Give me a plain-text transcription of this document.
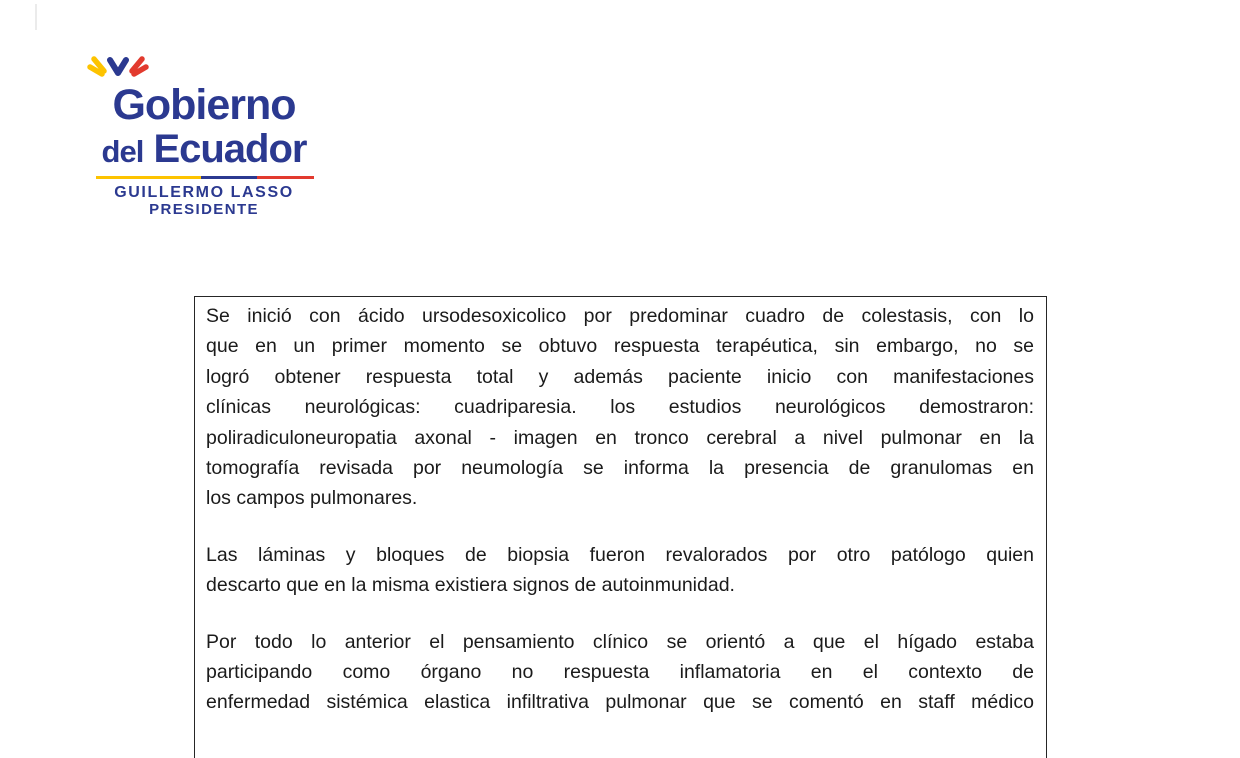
Gobierno
del Ecuador
GUILLERMO LASSO
PRESIDENTE
Se inició con ácido ursodesoxicolico por predominar cuadro de colestasis, con lo
que en un primer momento se obtuvo respuesta terapéutica, sin embargo, no se
logró obtener respuesta total y además paciente inicio con manifestaciones
clínicas neurológicas: cuadriparesia. los estudios neurológicos demostraron:
poliradiculoneuropatia axonal - imagen en tronco cerebral a nivel pulmonar en la
tomografía revisada por neumología se informa la presencia de granulomas en
los campos pulmonares.
Las láminas y bloques de biopsia fueron revalorados por otro patólogo quien
descarto que en la misma existiera signos de autoinmunidad.
Por todo lo anterior el pensamiento clínico se orientó a que el hígado estaba
participando como órgano no respuesta inflamatoria en el contexto de
enfermedad sistémica elastica infiltrativa pulmonar que se comentó en staff médico
